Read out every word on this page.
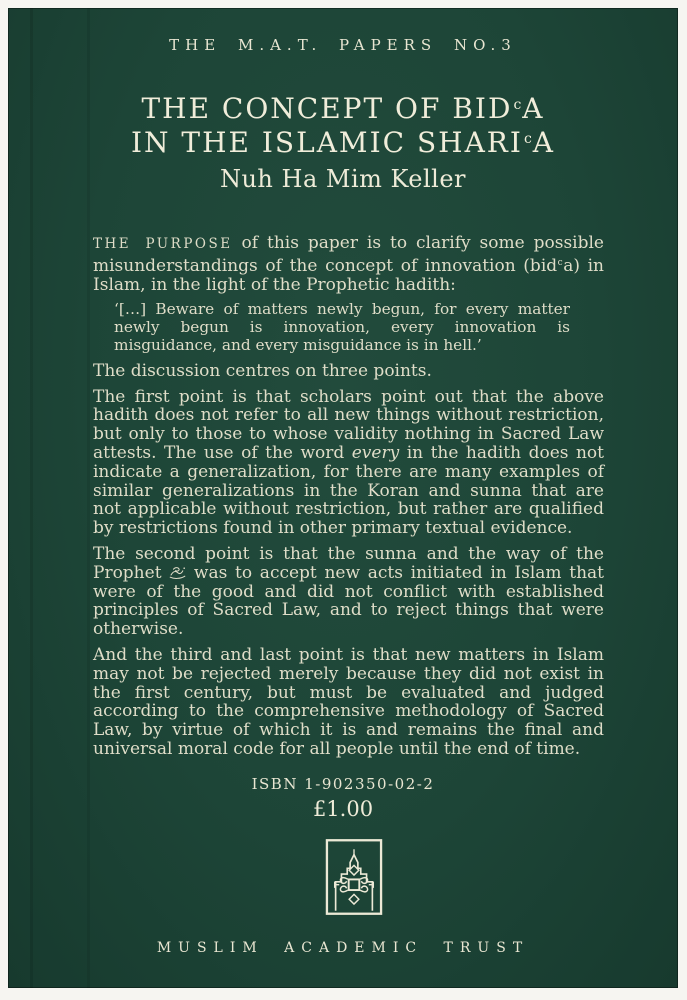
THE M.A.T. PAPERS NO.3
THE CONCEPT OF BIDcA
IN THE ISLAMIC SHARIcA
Nuh Ha Mim Keller

THE PURPOSE of this paper is to clarify some possible misunderstandings of the concept of innovation (bidca) in Islam, in the light of the Prophetic hadith:

‘[…] Beware of matters newly begun, for every matter newly begun is innovation, every innovation is misguidance, and every misguidance is in hell.’

The discussion centres on three points.

The first point is that scholars point out that the above hadith does not refer to all new things without restriction, but only to those to whose validity nothing in Sacred Law attests. The use of the word every in the hadith does not indicate a generalization, for there are many examples of similar generalizations in the Koran and sunna that are not applicable without restriction, but rather are qualified by restrictions found in other primary textual evidence.

The second point is that the sunna and the way of the Prophet  was to accept new acts initiated in Islam that were of the good and did not conflict with established principles of Sacred Law, and to reject things that were otherwise.

And the third and last point is that new matters in Islam may not be rejected merely because they did not exist in the first century, but must be evaluated and judged according to the comprehensive methodology of Sacred Law, by virtue of which it is and remains the final and universal moral code for all people until the end of time.

ISBN 1-902350-02-2
£1.00
MUSLIM ACADEMIC TRUST
